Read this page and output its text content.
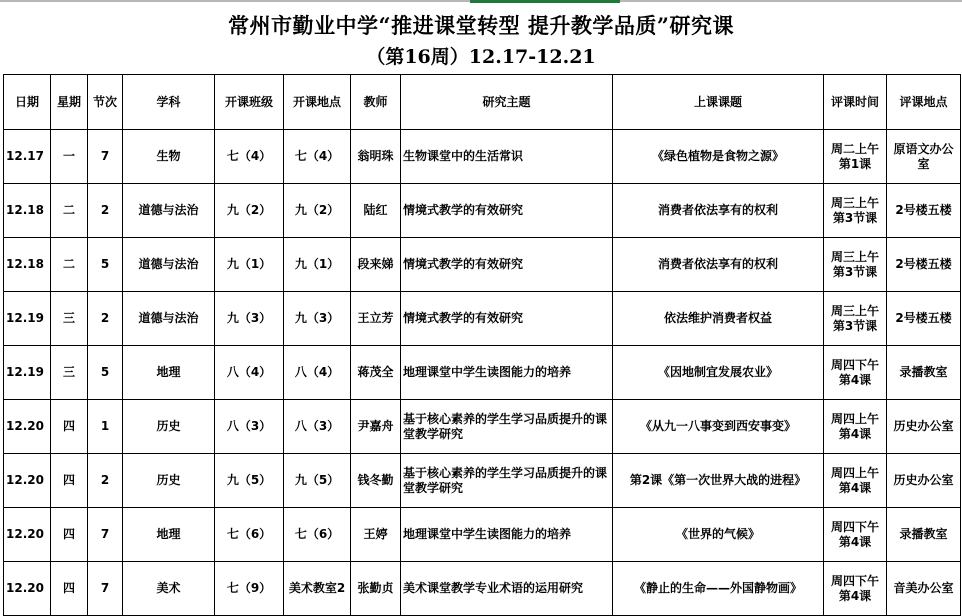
常州市勤业中学“推进课堂转型 提升教学品质”研究课
（第16周）12.17-12.21
日期	星期	节次	学科	开课班级	开课地点	教师	研究主题	上课课题	评课时间	评课地点
12.17	一	7	生物	七（4）	七（4）	翁明珠	生物课堂中的生活常识	《绿色植物是食物之源》	周二上午第1课	原语文办公室
12.18	二	2	道德与法治	九（2）	九（2）	陆红	情境式教学的有效研究	消费者依法享有的权利	周三上午第3节课	2号楼五楼
12.18	二	5	道德与法治	九（1）	九（1）	段来娣	情境式教学的有效研究	消费者依法享有的权利	周三上午第3节课	2号楼五楼
12.19	三	2	道德与法治	九（3）	九（3）	王立芳	情境式教学的有效研究	依法维护消费者权益	周三上午第3节课	2号楼五楼
12.19	三	5	地理	八（4）	八（4）	蒋茂全	地理课堂中学生读图能力的培养	《因地制宜发展农业》	周四下午第4课	录播教室
12.20	四	1	历史	八（3）	八（3）	尹嘉舟	基于核心素养的学生学习品质提升的课堂教学研究	《从九一八事变到西安事变》	周四上午第4课	历史办公室
12.20	四	2	历史	九（5）	九（5）	钱冬勤	基于核心素养的学生学习品质提升的课堂教学研究	第2课《第一次世界大战的进程》	周四上午第4课	历史办公室
12.20	四	7	地理	七（6）	七（6）	王婷	地理课堂中学生读图能力的培养	《世界的气候》	周四下午第4课	录播教室
12.20	四	7	美术	七（9）	美术教室2	张勤贞	美术课堂教学专业术语的运用研究	《静止的生命——外国静物画》	周四下午第4课	音美办公室
